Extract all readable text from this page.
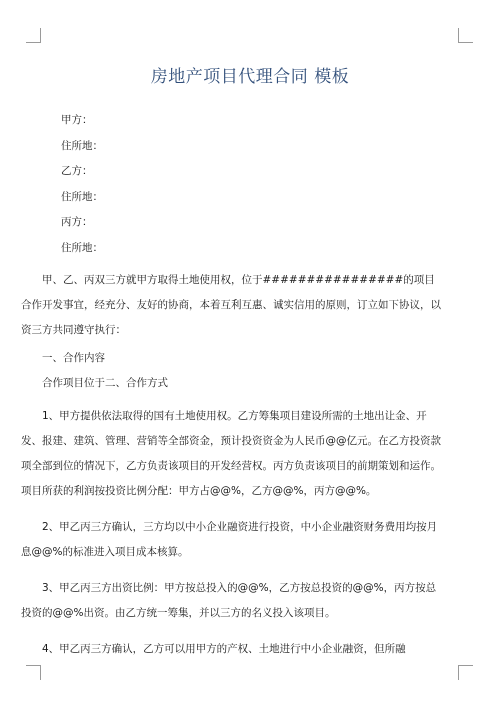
房地产项目代理合同 模板

甲方：

住所地：

乙方：

住所地：

丙方：

住所地：

甲、乙、丙双三方就甲方取得土地使用权，位于################的项目合作开发事宜，经充分、友好的协商，本着互利互惠、诚实信用的原则，订立如下协议，以资三方共同遵守执行：

一、合作内容

合作项目位于二、合作方式

1、甲方提供依法取得的国有土地使用权。乙方筹集项目建设所需的土地出让金、开发、报建、建筑、管理、营销等全部资金，预计投资资金为人民币@@亿元。在乙方投资款项全部到位的情况下，乙方负责该项目的开发经营权。丙方负责该项目的前期策划和运作。 项目所获的利润按投资比例分配：甲方占@@%，乙方@@%，丙方@@%。

2、甲乙丙三方确认，三方均以中小企业融资进行投资，中小企业融资财务费用均按月息@@%的标准进入项目成本核算。

3、甲乙丙三方出资比例：甲方按总投入的@@%，乙方按总投资的@@%，丙方按总投资的@@%出资。由乙方统一筹集，并以三方的名义投入该项目。

4、甲乙丙三方确认，乙方可以用甲方的产权、土地进行中小企业融资，但所融
